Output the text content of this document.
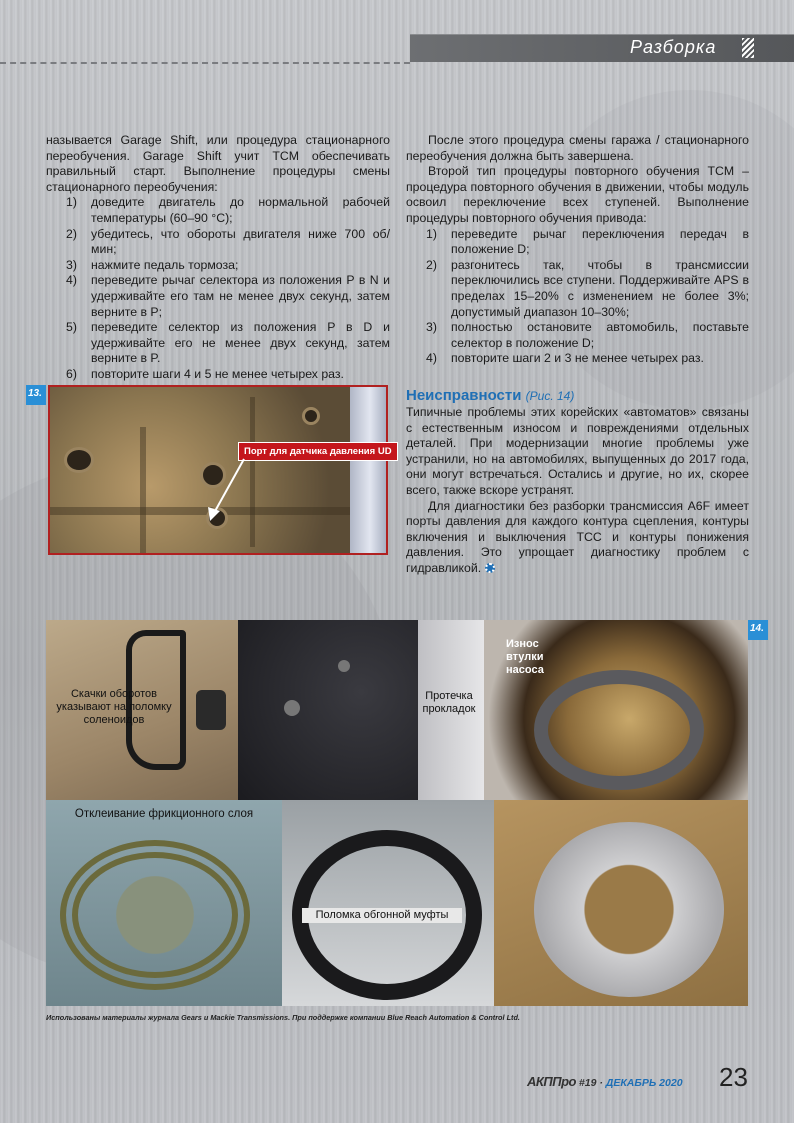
Разборка

называется Garage Shift, или процедура стационарного переобучения. Garage Shift учит TCM обеспечивать правильный старт. Выполнение процедуры смены стационарного переобучения:

1) доведите двигатель до нормальной рабочей температуры (60–90 °C);
2) убедитесь, что обороты двигателя ниже 700 об/мин;
3) нажмите педаль тормоза;
4) переведите рычаг селектора из положения P в N и удерживайте его там не менее двух секунд, затем верните в P;
5) переведите селектор из положения P в D и удерживайте его не менее двух секунд, затем верните в P.
6) повторите шаги 4 и 5 не менее четырех раз.

После этого процедура смены гаража / стационарного переобучения должна быть завершена.

Второй тип процедуры повторного обучения TCM – процедура повторного обучения в движении, чтобы модуль освоил переключение всех ступеней. Выполнение процедуры повторного обучения привода:

1) переведите рычаг переключения передач в положение D;
2) разгонитесь так, чтобы в трансмиссии переключились все ступени. Поддерживайте APS в пределах 15–20% с изменением не более 3%; допустимый диапазон 10–30%;
3) полностью остановите автомобиль, поставьте селектор в положение D;
4) повторите шаги 2 и 3 не менее четырех раз.
Неисправности (Рис. 14)

Типичные проблемы этих корейских «автоматов» связаны с естественным износом и повреждениями отдельных деталей. При модернизации многие проблемы уже устранили, но на автомобилях, выпущенных до 2017 года, они могут встречаться. Остались и другие, но их, скорее всего, также вскоре устранят.

Для диагностики без разборки трансмиссия A6F имеет порты давления для каждого контура сцепления, контуры включения и выключения TCC и контуры понижения давления. Это упрощает диагностику проблем с гидравликой.

13.
Порт для датчика давления UD
Скачки оборотов указывают на поломку соленоидов
Протечка прокладок
Износ втулки насоса
14.
Отклеивание фрикционного слоя
Поломка обгонной муфты
Использованы материалы журнала Gears и Mackie Transmissions. При поддержке компании Blue Reach Automation & Control Ltd.
АКППро #19 · ДЕКАБРЬ 2020 23
